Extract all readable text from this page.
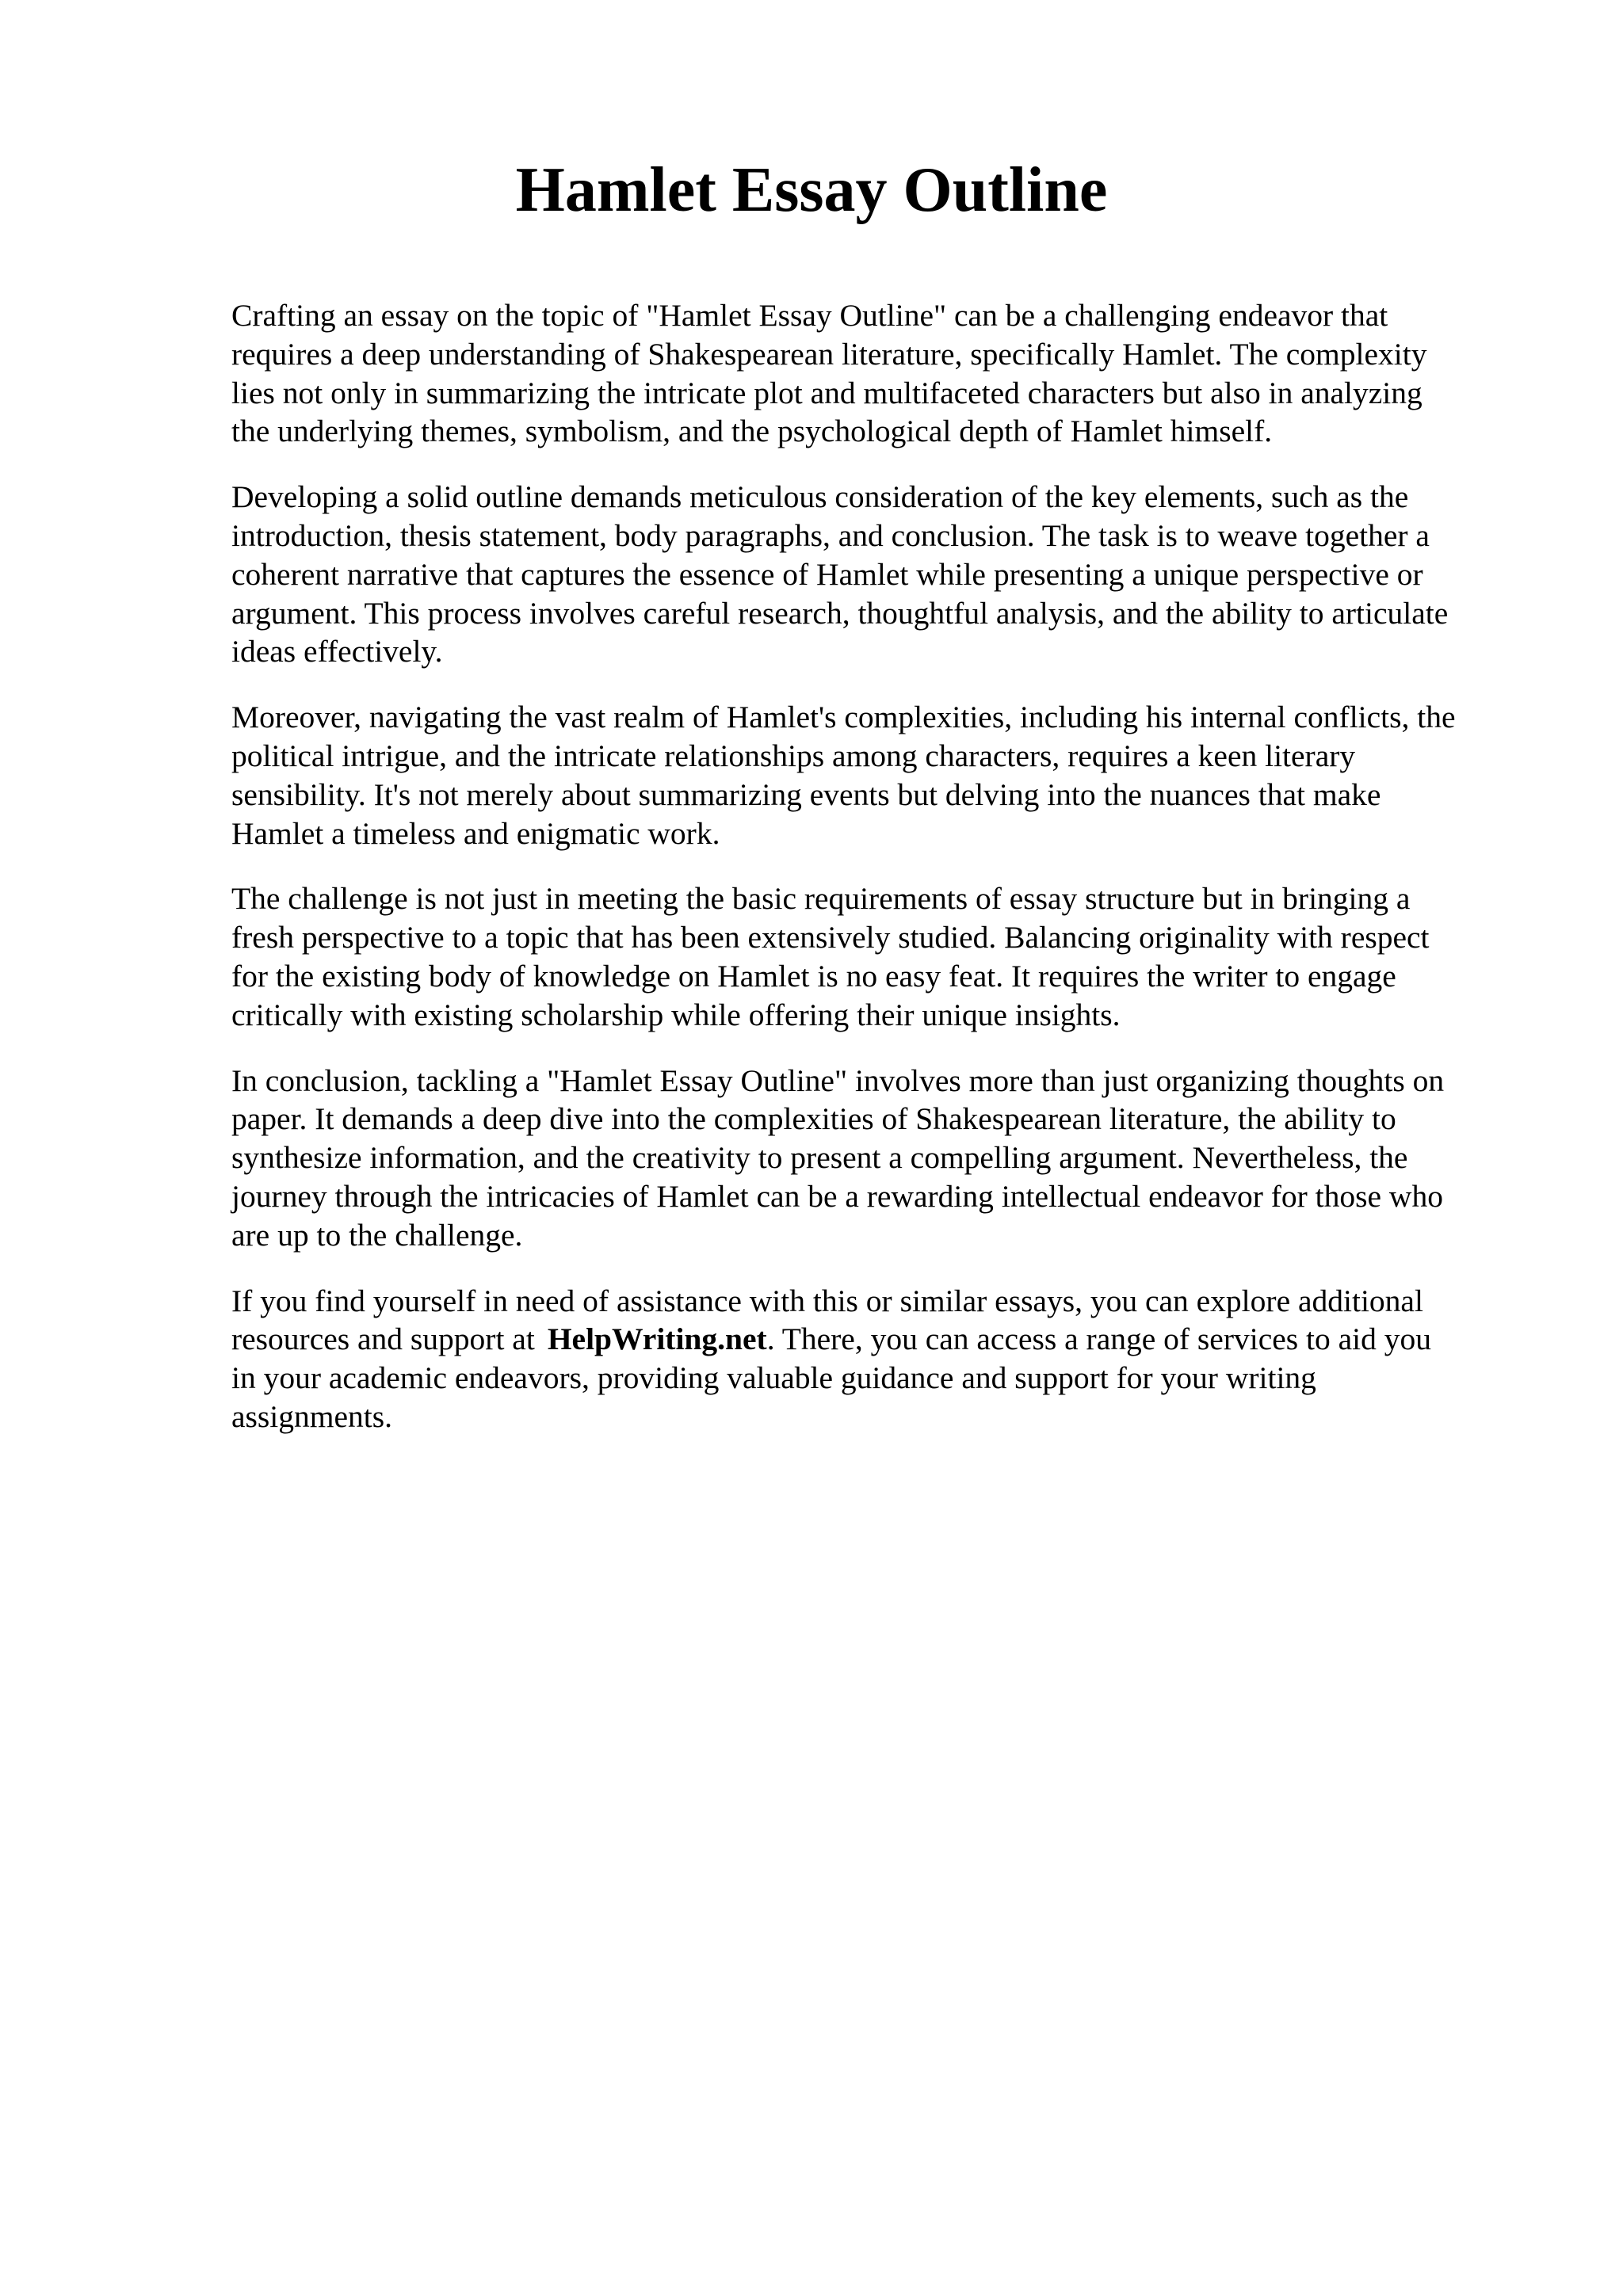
Hamlet Essay Outline

Crafting an essay on the topic of "Hamlet Essay Outline" can be a challenging endeavor that
requires a deep understanding of Shakespearean literature, specifically Hamlet. The complexity
lies not only in summarizing the intricate plot and multifaceted characters but also in analyzing
the underlying themes, symbolism, and the psychological depth of Hamlet himself.

Developing a solid outline demands meticulous consideration of the key elements, such as the
introduction, thesis statement, body paragraphs, and conclusion. The task is to weave together a
coherent narrative that captures the essence of Hamlet while presenting a unique perspective or
argument. This process involves careful research, thoughtful analysis, and the ability to articulate
ideas effectively.

Moreover, navigating the vast realm of Hamlet's complexities, including his internal conflicts, the
political intrigue, and the intricate relationships among characters, requires a keen literary
sensibility. It's not merely about summarizing events but delving into the nuances that make
Hamlet a timeless and enigmatic work.

The challenge is not just in meeting the basic requirements of essay structure but in bringing a
fresh perspective to a topic that has been extensively studied. Balancing originality with respect
for the existing body of knowledge on Hamlet is no easy feat. It requires the writer to engage
critically with existing scholarship while offering their unique insights.

In conclusion, tackling a "Hamlet Essay Outline" involves more than just organizing thoughts on
paper. It demands a deep dive into the complexities of Shakespearean literature, the ability to
synthesize information, and the creativity to present a compelling argument. Nevertheless, the
journey through the intricacies of Hamlet can be a rewarding intellectual endeavor for those who
are up to the challenge.

If you find yourself in need of assistance with this or similar essays, you can explore additional
resources and support at HelpWriting.net. There, you can access a range of services to aid you
in your academic endeavors, providing valuable guidance and support for your writing
assignments.
